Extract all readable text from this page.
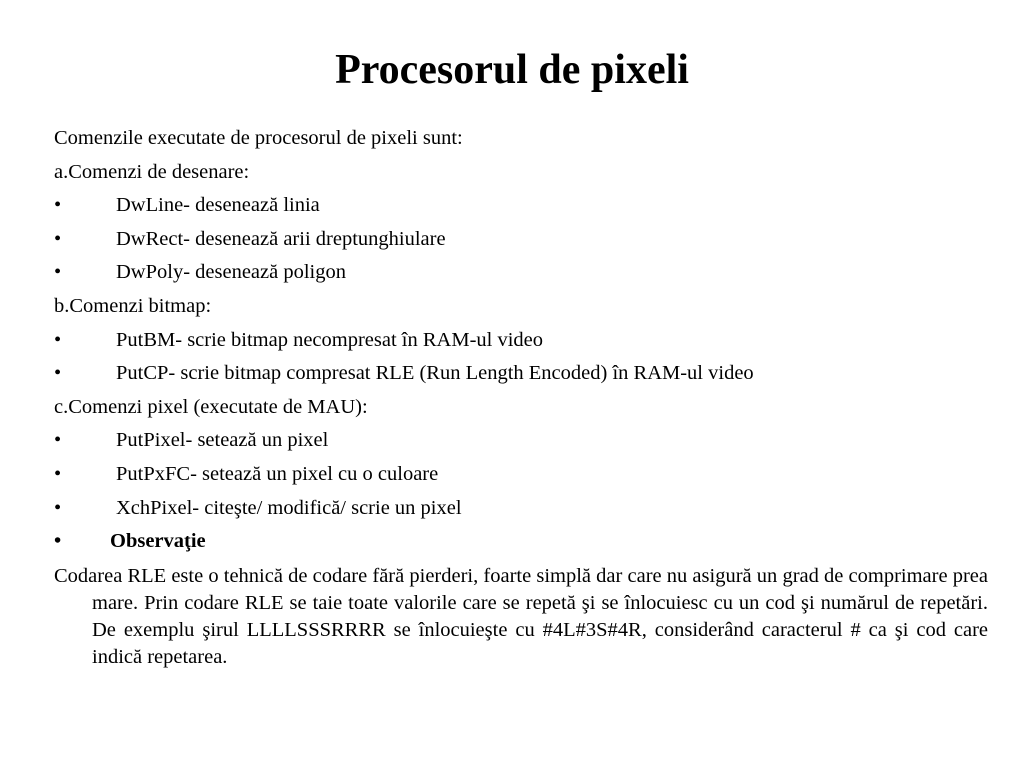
Procesorul de pixeli
Comenzile executate de procesorul de pixeli sunt:
a.Comenzi de desenare:
•	DwLine- desenează linia
•	DwRect- desenează arii dreptunghiulare
•	DwPoly- desenează poligon
b.Comenzi bitmap:
•	PutBM- scrie bitmap necompresat în RAM-ul video
•	PutCP- scrie bitmap compresat RLE (Run Length Encoded) în RAM-ul video
c.Comenzi pixel (executate de MAU):
•	PutPixel- setează un pixel
•	PutPxFC- setează un pixel cu o culoare
•	XchPixel- citeşte/ modifică/ scrie un pixel
• Observaţie
Codarea RLE este o tehnică de codare fără pierderi, foarte simplă dar care nu asigură un grad de comprimare prea mare. Prin codare RLE se taie toate valorile care se repetă şi se înlocuiesc cu un cod şi numărul de repetări. De exemplu şirul LLLLSSSRRRR se înlocuieşte cu #4L#3S#4R, considerând caracterul # ca şi cod care indică repetarea.
